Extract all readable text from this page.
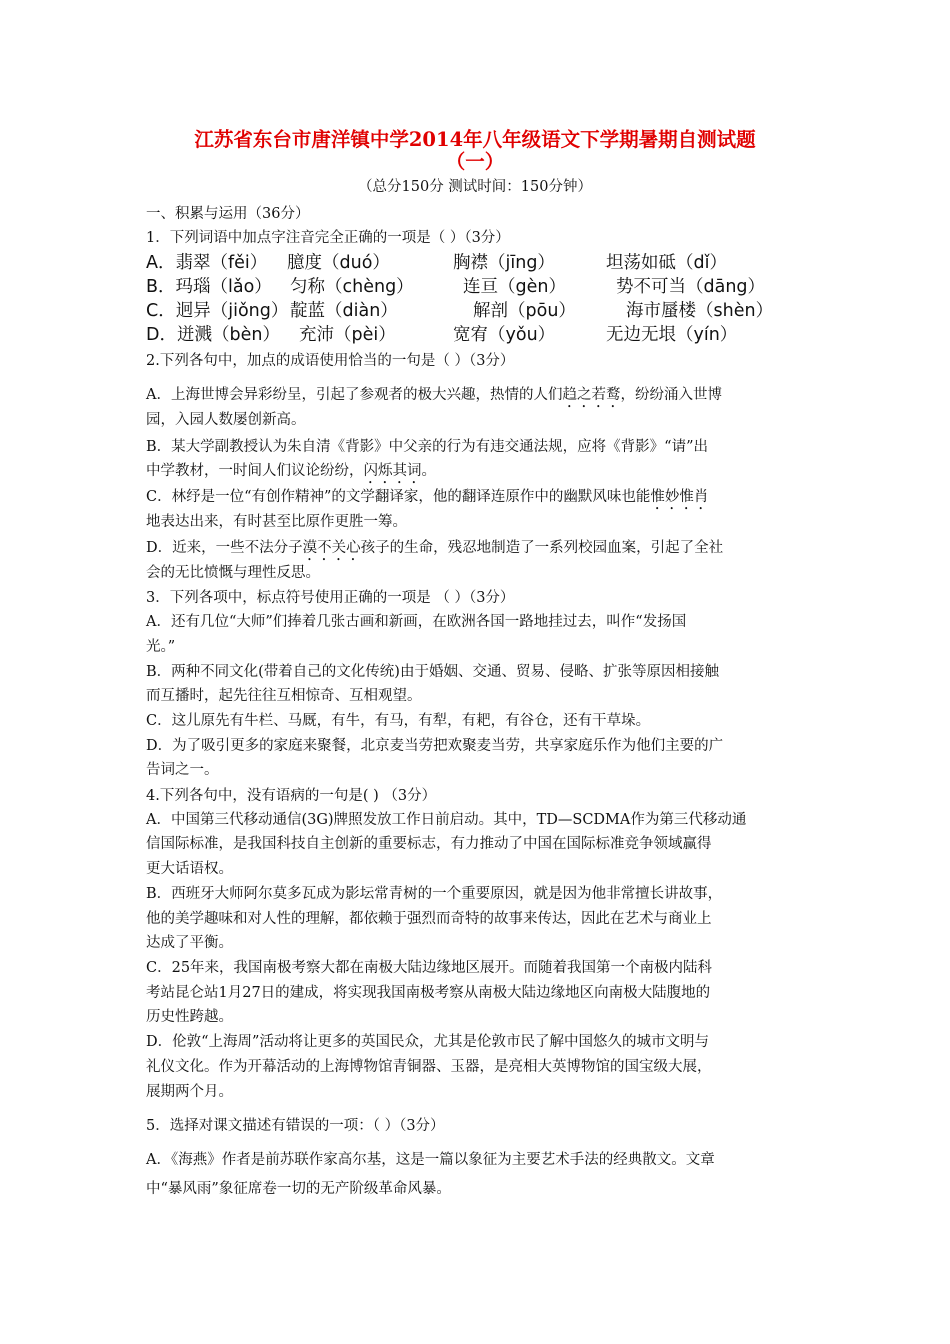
江苏省东台市唐洋镇中学2014年八年级语文下学期暑期自测试题
（一）
（总分150分 测试时间：150分钟）
一、积累与运用（36分）
1．下列词语中加点字注音完全正确的一项是（ ）（3分）
A．翡翠（fěi） 臆度（duó）	胸襟（jīng）	坦荡如砥（dǐ）
B．玛瑙（lǎo） 匀称（chèng）	连亘（gèn）	势不可当（dāng）
C．迥异（jiǒng） 靛蓝（diàn）	解剖（pōu）	海市蜃楼（shèn）
D．迸溅（bèn） 充沛（pèi）	宽宥（yǒu）	无边无垠（yín）
2.下列各句中，加点的成语使用恰当的一句是（ ）（3分）
A．上海世博会异彩纷呈，引起了参观者的极大兴趣，热情的人们趋之若鹜，纷纷涌入世博
园，入园人数屡创新高。
B．某大学副教授认为朱自清《背影》中父亲的行为有违交通法规，应将《背影》“请”出
中学教材，一时间人们议论纷纷，闪烁其词。
C．林纾是一位“有创作精神”的文学翻译家，他的翻译连原作中的幽默风味也能惟妙惟肖
地表达出来，有时甚至比原作更胜一筹。
D．近来，一些不法分子漠不关心孩子的生命，残忍地制造了一系列校园血案，引起了全社
会的无比愤慨与理性反思。
3．下列各项中，标点符号使用正确的一项是 （ ）（3分）
A．还有几位“大师”们捧着几张古画和新画，在欧洲各国一路地挂过去，叫作“发扬国
光。”
B．两种不同文化(带着自己的文化传统)由于婚姻、交通、贸易、侵略、扩张等原因相接触
而互播时，起先往往互相惊奇、互相观望。
C．这儿原先有牛栏、马厩，有牛，有马，有犁，有耙，有谷仓，还有干草垛。
D．为了吸引更多的家庭来聚餐，北京麦当劳把欢聚麦当劳，共享家庭乐作为他们主要的广
告词之一。
4.下列各句中，没有语病的一句是( ) （3分）
A．中国第三代移动通信(3G)牌照发放工作日前启动。其中，TD—SCDMA作为第三代移动通
信国际标准，是我国科技自主创新的重要标志，有力推动了中国在国际标准竞争领域赢得
更大话语权。
B．西班牙大师阿尔莫多瓦成为影坛常青树的一个重要原因，就是因为他非常擅长讲故事，
他的美学趣味和对人性的理解，都依赖于强烈而奇特的故事来传达，因此在艺术与商业上
达成了平衡。
C．25年来，我国南极考察大都在南极大陆边缘地区展开。而随着我国第一个南极内陆科
考站昆仑站1月27日的建成，将实现我国南极考察从南极大陆边缘地区向南极大陆腹地的
历史性跨越。
D．伦敦“上海周”活动将让更多的英国民众，尤其是伦敦市民了解中国悠久的城市文明与
礼仪文化。作为开幕活动的上海博物馆青铜器、玉器，是亮相大英博物馆的国宝级大展，
展期两个月。
5．选择对课文描述有错误的一项：（ ）（3分）
A．《海燕》作者是前苏联作家高尔基，这是一篇以象征为主要艺术手法的经典散文。文章
中“暴风雨”象征席卷一切的无产阶级革命风暴。
